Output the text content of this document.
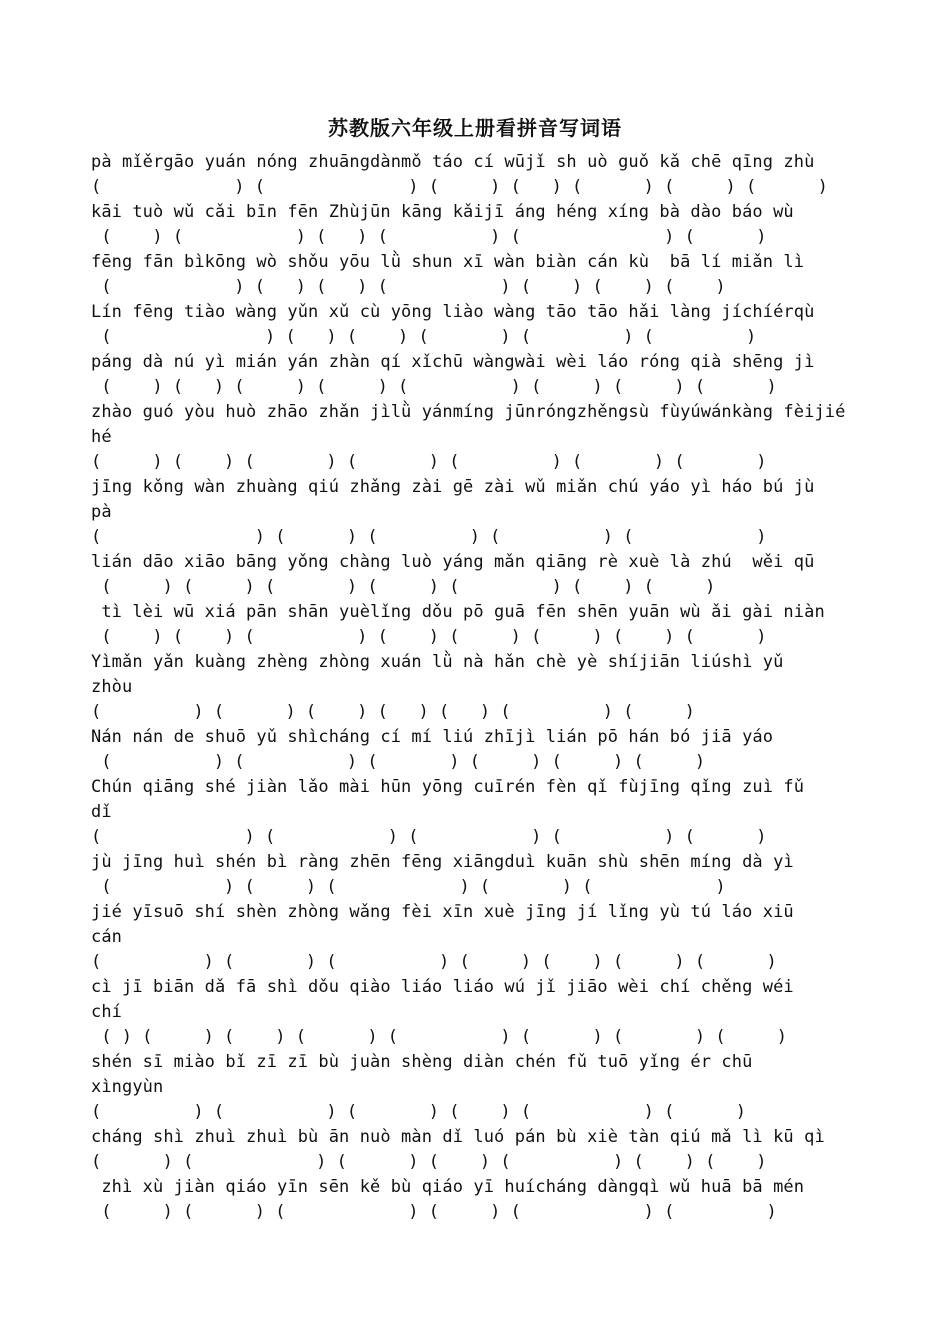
苏教版六年级上册看拼音写词语
pà mǐěrgāo yuán nóng zhuāngdànmǒ táo cí wūjǐ sh uò guǒ kǎ chē qīng zhù
(             ) (              ) (     ) (   ) (      ) (     ) (      )
kāi tuò wǔ cǎi bīn fēn Zhùjūn kāng kǎijī áng héng xíng bà dào báo wù
(    ) (           ) (   ) (          ) (              ) (      )
fēng fān bìkōng wò shǒu yōu lǜ shun xī wàn biàn cán kù  bā lí miǎn lì
(            ) (   ) (   ) (           ) (    ) (    ) (    )
Lín fēng tiào wàng yǔn xǔ cù yōng liào wàng tāo tāo hǎi làng jíchíérqù
(               ) (   ) (    ) (       ) (         ) (         )
páng dà nú yì mián yán zhàn qí xǐchū wàngwài wèi láo róng qià shēng jì
(    ) (   ) (     ) (     ) (          ) (     ) (     ) (      )
zhào guó yòu huò zhāo zhǎn jìlǜ yánmíng jūnróngzhěngsù fùyúwánkàng fèijié
hé
(     ) (    ) (       ) (       ) (         ) (       ) (       )
jīng kǒng wàn zhuàng qiú zhǎng zài gē zài wǔ miǎn chú yáo yì háo bú jù
pà
(               ) (      ) (         ) (          ) (            )
lián dāo xiāo bāng yǒng chàng luò yáng mǎn qiāng rè xuè là zhú  wěi qū
(     ) (     ) (       ) (     ) (         ) (    ) (     )
tì lèi wū xiá pān shān yuèlǐng dǒu pō guā fēn shēn yuān wù ǎi gài niàn
(    ) (    ) (          ) (    ) (     ) (     ) (    ) (      )
Yìmǎn yǎn kuàng zhèng zhòng xuán lǜ nà hǎn chè yè shíjiān liúshì yǔ
zhòu
(         ) (      ) (    ) (   ) (   ) (         ) (     )
Nán nán de shuō yǔ shìcháng cí mí liú zhījì lián pō hán bó jiā yáo
(          ) (          ) (       ) (     ) (     ) (     )
Chún qiāng shé jiàn lǎo mài hūn yōng cuīrén fèn qǐ fùjīng qǐng zuì fǔ
dǐ
(              ) (           ) (           ) (          ) (      )
jù jīng huì shén bì ràng zhēn fēng xiāngduì kuān shù shēn míng dà yì
(           ) (     ) (            ) (       ) (            )
jié yīsuō shí shèn zhòng wǎng fèi xīn xuè jīng jí lǐng yù tú láo xiū
cán
(          ) (       ) (          ) (     ) (    ) (     ) (      )
cì jī biān dǎ fā shì dǒu qiào liáo liáo wú jǐ jiāo wèi chí chěng wéi
chí
( ) (     ) (    ) (      ) (          ) (      ) (       ) (     )
shén sī miào bǐ zī zī bù juàn shèng diàn chén fǔ tuō yǐng ér chū
xìngyùn
(         ) (          ) (       ) (    ) (           ) (      )
cháng shì zhuì zhuì bù ān nuò màn dǐ luó pán bù xiè tàn qiú mǎ lì kū qì
(      ) (            ) (      ) (    ) (          ) (    ) (    )
zhì xù jiàn qiáo yīn sēn kě bù qiáo yī huícháng dàngqì wǔ huā bā mén
(     ) (      ) (            ) (     ) (            ) (         )
